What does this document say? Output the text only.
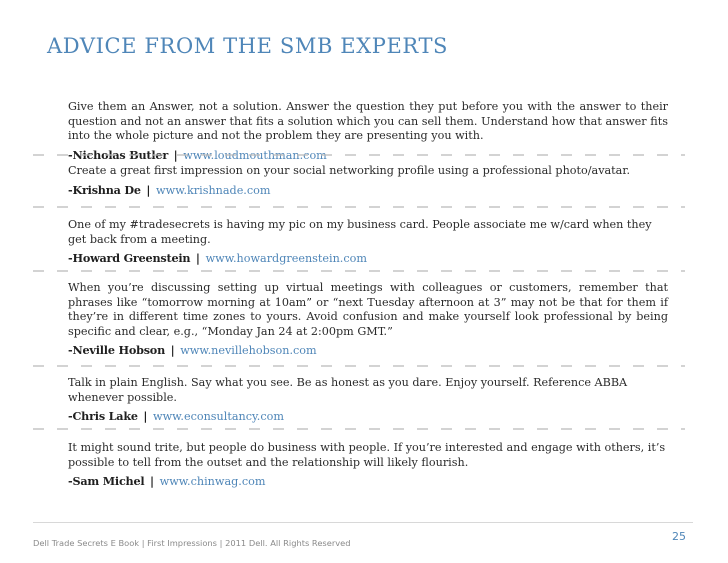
ADVICE FROM THE SMB EXPERTS

Give them an Answer, not a solution. Answer the question they put before you with the answer to their question and not an answer that fits a solution which you can sell them. Understand how that answer fits into the whole picture and not the problem they are presenting you with.

-Nicholas Butler | www.loudmouthman.com

Create a great first impression on your social networking profile using a professional photo/avatar.

-Krishna De | www.krishnade.com

One of my #tradesecrets is having my pic on my business card. People associate me w/card when they get back from a meeting.

-Howard Greenstein | www.howardgreenstein.com

When you’re discussing setting up virtual meetings with colleagues or customers, remember that phrases like “tomorrow morning at 10am” or “next Tuesday afternoon at 3” may not be that for them if they’re in different time zones to yours. Avoid confusion and make yourself look professional by being specific and clear, e.g., “Monday Jan 24 at 2:00pm GMT.”

-Neville Hobson | www.nevillehobson.com

Talk in plain English. Say what you see. Be as honest as you dare. Enjoy yourself. Reference ABBA whenever possible.

-Chris Lake | www.econsultancy.com

It might sound trite, but people do business with people. If you’re interested and engage with others, it’s possible to tell from the outset and the relationship will likely flourish.

-Sam Michel | www.chinwag.com
Dell Trade Secrets E Book | First Impressions | 2011 Dell. All Rights Reserved	25
